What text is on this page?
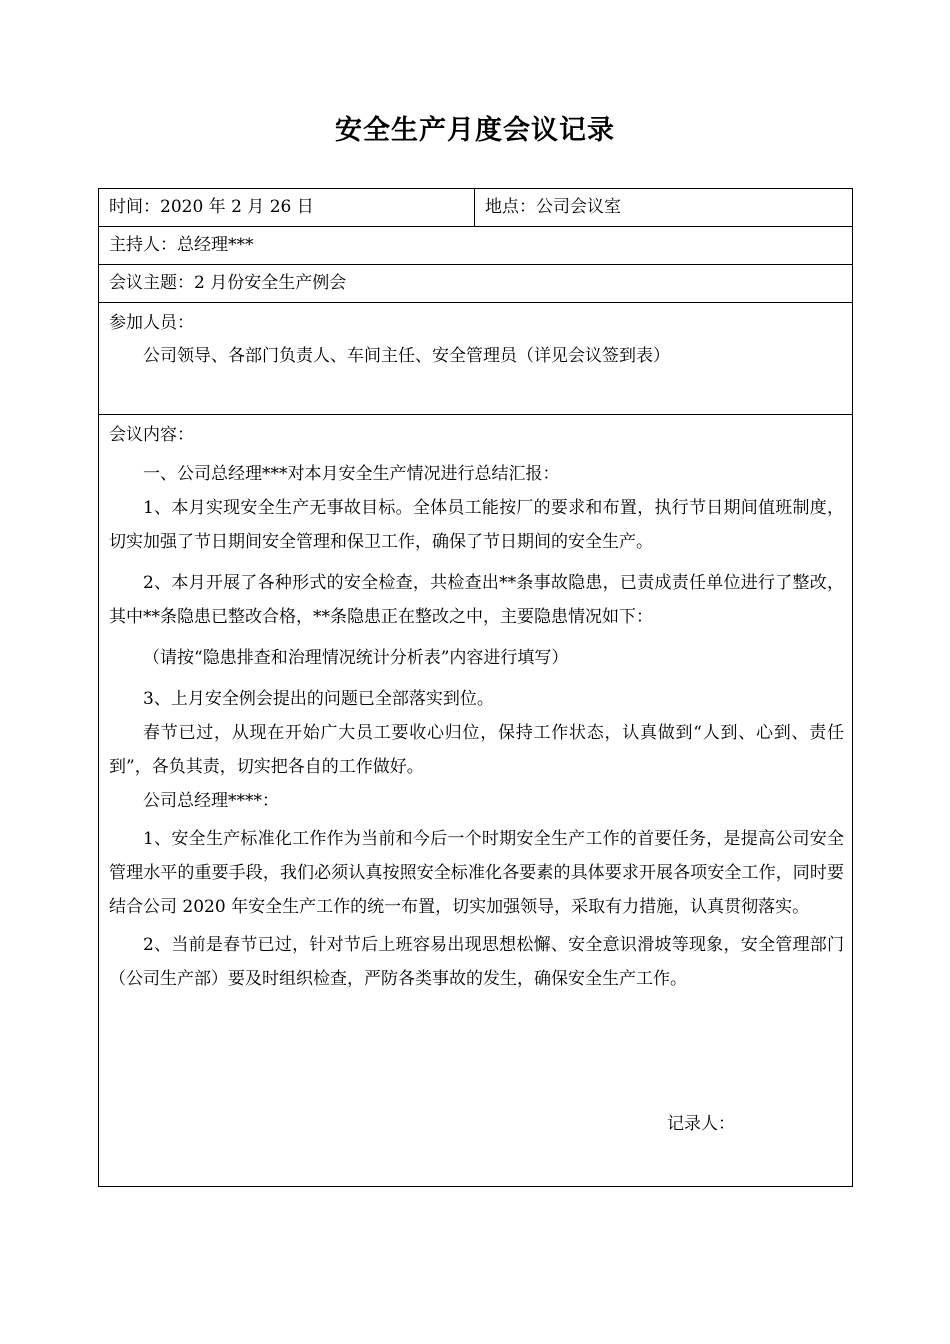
安全生产月度会议记录
时间：2020 年 2 月 26 日	地点：公司会议室
主持人：总经理***
会议主题：2 月份安全生产例会
参加人员：
公司领导、各部门负责人、车间主任、安全管理员（详见会议签到表）
会议内容：

一、公司总经理***对本月安全生产情况进行总结汇报：

1、本月实现安全生产无事故目标。全体员工能按厂的要求和布置，执行节日期间值班制度，切实加强了节日期间安全管理和保卫工作，确保了节日期间的安全生产。

2、本月开展了各种形式的安全检查，共检查出**条事故隐患，已责成责任单位进行了整改，其中**条隐患已整改合格，**条隐患正在整改之中，主要隐患情况如下：

（请按“隐患排查和治理情况统计分析表”内容进行填写）

3、上月安全例会提出的问题已全部落实到位。

春节已过，从现在开始广大员工要收心归位，保持工作状态，认真做到“人到、心到、责任到”，各负其责，切实把各自的工作做好。

公司总经理****：

1、安全生产标准化工作作为当前和今后一个时期安全生产工作的首要任务，是提高公司安全管理水平的重要手段，我们必须认真按照安全标准化各要素的具体要求开展各项安全工作，同时要结合公司 2020 年安全生产工作的统一布置，切实加强领导，采取有力措施，认真贯彻落实。

2、当前是春节已过，针对节后上班容易出现思想松懈、安全意识滑坡等现象，安全管理部门（公司生产部）要及时组织检查，严防各类事故的发生，确保安全生产工作。

记录人：
